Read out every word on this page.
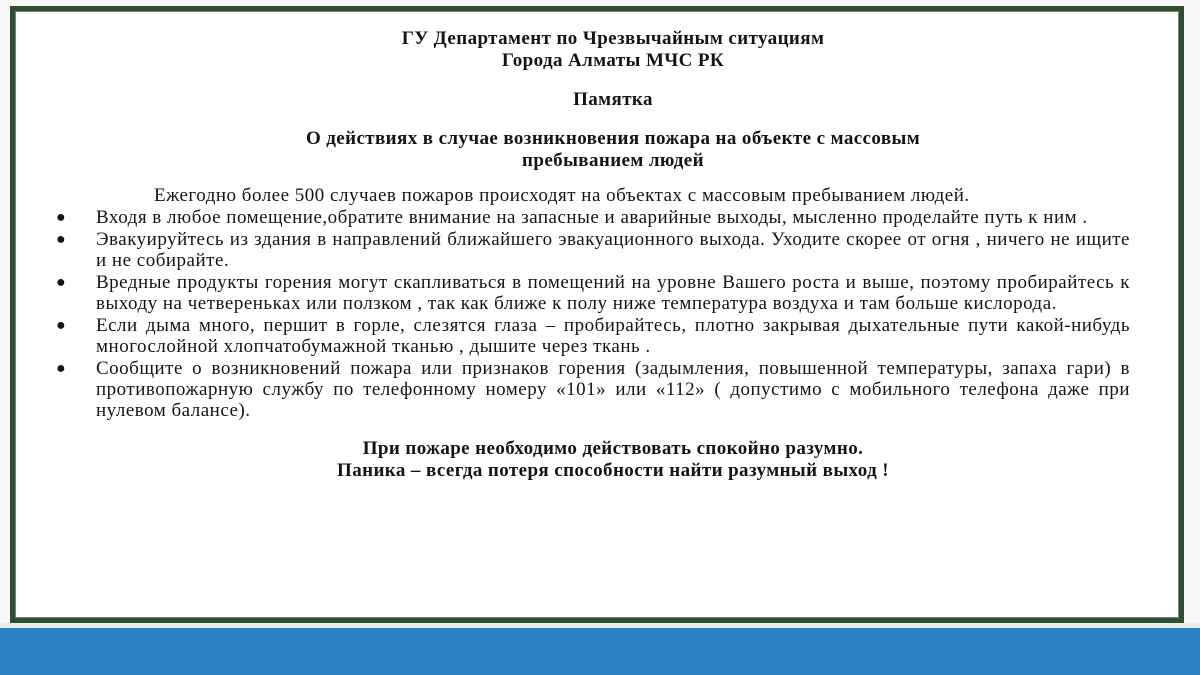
ГУ Департамент по Чрезвычайным ситуациям
Города Алматы МЧС РК
Памятка
О действиях в случае возникновения пожара на объекте с массовым
пребыванием людей
Ежегодно более 500 случаев пожаров происходят на объектах с массовым пребыванием людей.
● Входя в любое помещение,обратите внимание на запасные и аварийные выходы, мысленно проделайте путь к ним .
● Эвакуируйтесь из здания в направлений ближайшего эвакуационного выхода. Уходите скорее от огня , ничего не ищите и не собирайте.
● Вредные продукты горения могут скапливаться в помещений на уровне Вашего роста и выше, поэтому пробирайтесь к выходу на четвереньках или ползком , так как ближе к полу ниже температура воздуха и там больше кислорода.
● Если дыма много, першит в горле, слезятся глаза – пробирайтесь, плотно закрывая дыхательные пути какой-нибудь многослойной хлопчатобумажной тканью , дышите через ткань .
● Сообщите о возникновений пожара или признаков горения (задымления, повышенной температуры, запаха гари) в противопожарную службу по телефонному номеру «101» или «112» ( допустимо с мобильного телефона даже при нулевом балансе).
При пожаре необходимо действовать спокойно разумно.
Паника – всегда потеря способности найти разумный выход !
